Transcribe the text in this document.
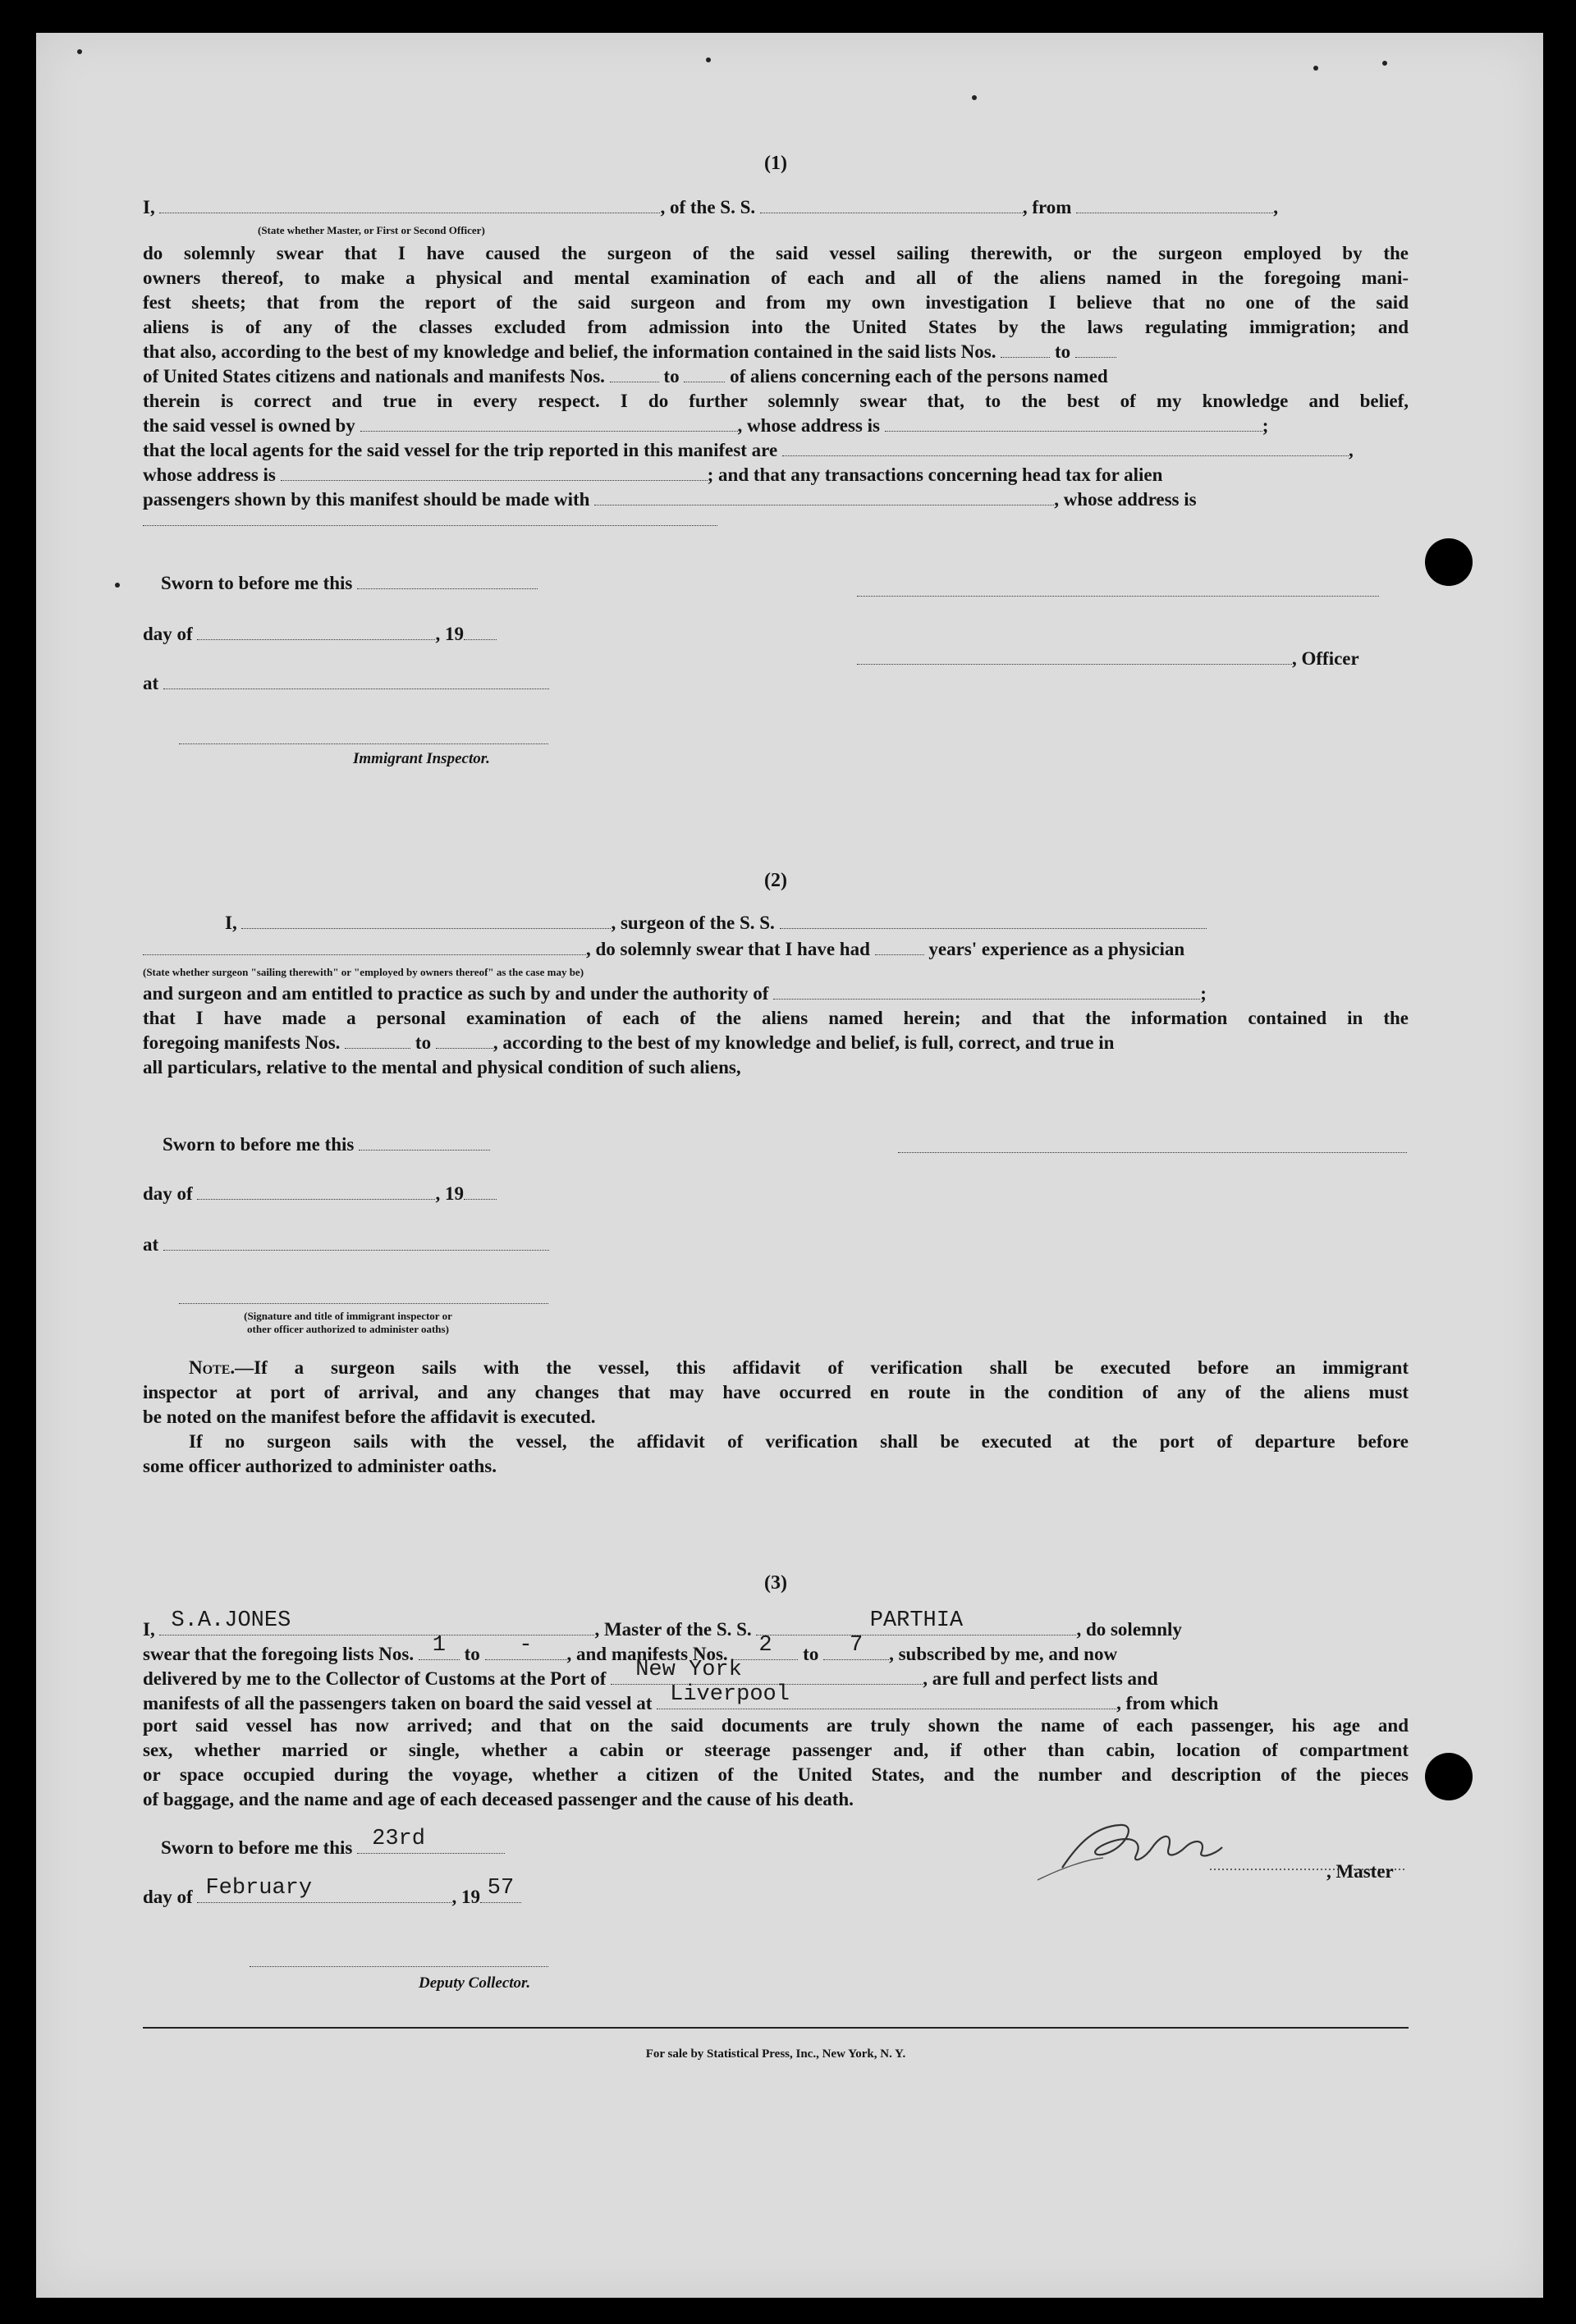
(1)
I,	, of the S. S.	, from	,
(State whether Master, or First or Second Officer)
do solemnly swear that I have caused the surgeon of the said vessel sailing therewith, or the surgeon employed by the
owners thereof, to make a physical and mental examination of each and all of the aliens named in the foregoing mani-
fest sheets; that from the report of the said surgeon and from my own investigation I believe that no one of the said
aliens is of any of the classes excluded from admission into the United States by the laws regulating immigration; and
that also, according to the best of my knowledge and belief, the information contained in the said lists Nos.	to
of United States citizens and nationals and manifests Nos.	to	of aliens concerning each of the persons named
therein is correct and true in every respect. I do further solemnly swear that, to the best of my knowledge and belief,
the said vessel is owned by	, whose address is	;
that the local agents for the said vessel for the trip reported in this manifest are	,
whose address is	; and that any transactions concerning head tax for alien
passengers shown by this manifest should be made with	, whose address is
Sworn to before me this
day of	, 19
, Officer
at
Immigrant Inspector.
(2)
I,	, surgeon of the S. S.
, do solemnly swear that I have had	years' experience as a physician
(State whether surgeon "sailing therewith" or "employed by owners thereof" as the case may be)
and surgeon and am entitled to practice as such by and under the authority of	;
that I have made a personal examination of each of the aliens named herein; and that the information contained in the
foregoing manifests Nos.	to	, according to the best of my knowledge and belief, is full, correct, and true in
all particulars, relative to the mental and physical condition of such aliens,
Sworn to before me this
day of	, 19
at
(Signature and title of immigrant inspector or
other officer authorized to administer oaths)
Note.—If a surgeon sails with the vessel, this affidavit of verification shall be executed before an immigrant
inspector at port of arrival, and any changes that may have occurred en route in the condition of any of the aliens must
be noted on the manifest before the affidavit is executed.
If no surgeon sails with the vessel, the affidavit of verification shall be executed at the port of departure before
some officer authorized to administer oaths.
(3)
I, S.A.JONES	, Master of the S. S.	PARTHIA	, do solemnly
swear that the foregoing lists Nos. 1 to	-	, and manifests Nos.	2	to	7	, subscribed by me, and now
delivered by me to the Collector of Customs at the Port of New York	, are full and perfect lists and
manifests of all the passengers taken on board the said vessel at Liverpool	, from which
port said vessel has now arrived; and that on the said documents are truly shown the name of each passenger, his age and
sex, whether married or single, whether a cabin or steerage passenger and, if other than cabin, location of compartment
or space occupied during the voyage, whether a citizen of the United States, and the number and description of the pieces
of baggage, and the name and age of each deceased passenger and the cause of his death.
Sworn to before me this 23rd
, Master
day of February	, 19 57
Deputy Collector.
For sale by Statistical Press, Inc., New York, N. Y.
